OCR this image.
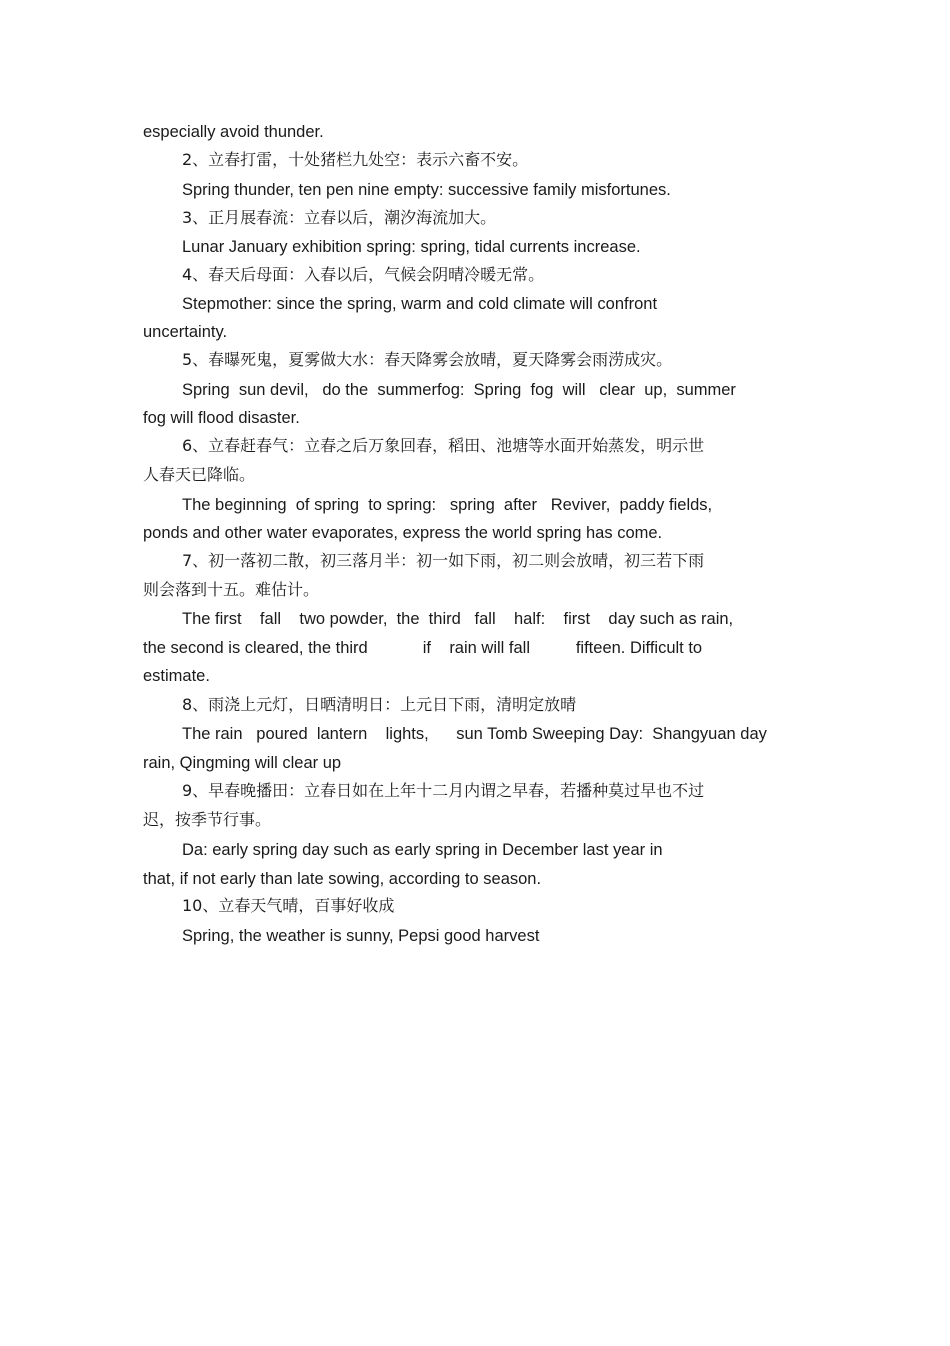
especially avoid thunder.
2、立春打雷，十处猪栏九处空：表示六畜不安。
Spring thunder, ten pen nine empty: successive family misfortunes.
3、正月展春流：立春以后，潮汐海流加大。
Lunar January exhibition spring: spring, tidal currents increase.
4、春天后母面：入春以后，气候会阴晴冷暖无常。
Stepmother: since the spring, warm and cold climate will confront
uncertainty.
5、春曝死鬼，夏雾做大水：春天降雾会放晴，夏天降雾会雨涝成灾。
Spring  sun devil,   do the  summerfog:  Spring  fog  will   clear  up,  summer
fog will flood disaster.
6、立春赶春气：立春之后万象回春，稻田、池塘等水面开始蒸发，明示世
人春天已降临。
The beginning  of spring  to spring:   spring  after   Reviver,  paddy fields,
ponds and other water evaporates, express the world spring has come.
7、初一落初二散，初三落月半：初一如下雨，初二则会放晴，初三若下雨
则会落到十五。难估计。
The first    fall    two powder,  the  third   fall    half:    first    day such as rain,
the second is cleared, the third            if    rain will fall          fifteen. Difficult to
estimate.
8、雨浇上元灯，日晒清明日：上元日下雨，清明定放晴
The rain   poured  lantern    lights,      sun Tomb Sweeping Day:  Shangyuan day
rain, Qingming will clear up
9、早春晚播田：立春日如在上年十二月内谓之早春，若播种莫过早也不过
迟，按季节行事。
Da: early spring day such as early spring in December last year in
that, if not early than late sowing, according to season.
10、立春天气晴，百事好收成
Spring, the weather is sunny, Pepsi good harvest
